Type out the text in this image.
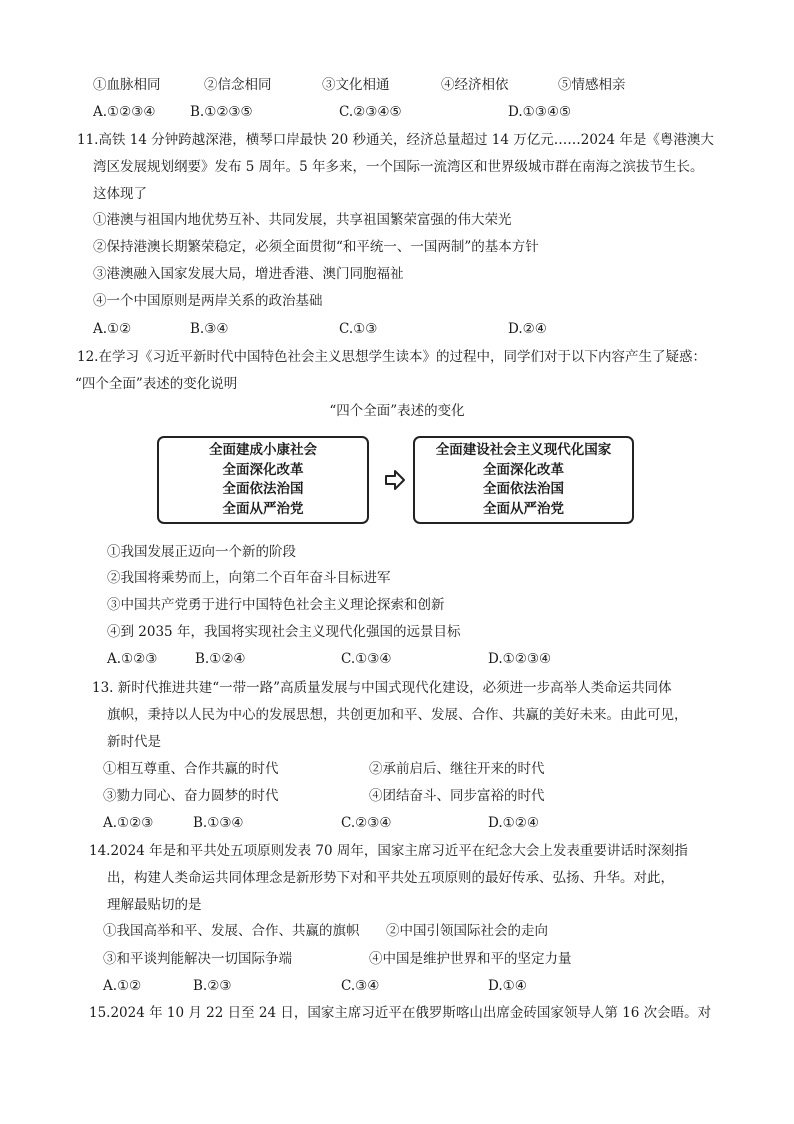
①血脉相同	②信念相同	③文化相通	④经济相依	⑤情感相亲
A.①②③④	B.①②③⑤	C.②③④⑤	D.①③④⑤
11.高铁 14 分钟跨越深港，横琴口岸最快 20 秒通关，经济总量超过 14 万亿元……2024 年是《粤港澳大
湾区发展规划纲要》发布 5 周年。5 年多来，一个国际一流湾区和世界级城市群在南海之滨拔节生长。
这体现了
①港澳与祖国内地优势互补、共同发展，共享祖国繁荣富强的伟大荣光
②保持港澳长期繁荣稳定，必须全面贯彻“和平统一、一国两制”的基本方针
③港澳融入国家发展大局，增进香港、澳门同胞福祉
④一个中国原则是两岸关系的政治基础
A.①②	B.③④	C.①③	D.②④
12.在学习《习近平新时代中国特色社会主义思想学生读本》的过程中，同学们对于以下内容产生了疑惑：
“四个全面”表述的变化说明
“四个全面”表述的变化
全面建成小康社会
全面深化改革
全面依法治国
全面从严治党
全面建设社会主义现代化国家
全面深化改革
全面依法治国
全面从严治党
①我国发展正迈向一个新的阶段
②我国将乘势而上，向第二个百年奋斗目标进军
③中国共产党勇于进行中国特色社会主义理论探索和创新
④到 2035 年，我国将实现社会主义现代化强国的远景目标
A.①②③	B.①②④	C.①③④	D.①②③④
13. 新时代推进共建“一带一路”高质量发展与中国式现代化建设，必须进一步高举人类命运共同体
旗帜，秉持以人民为中心的发展思想，共创更加和平、发展、合作、共赢的美好未来。由此可见，
新时代是
①相互尊重、合作共赢的时代	②承前启后、继往开来的时代
③勠力同心、奋力圆梦的时代	④团结奋斗、同步富裕的时代
A.①②③	B.①③④	C.②③④	D.①②④
14.2024 年是和平共处五项原则发表 70 周年，国家主席习近平在纪念大会上发表重要讲话时深刻指
出，构建人类命运共同体理念是新形势下对和平共处五项原则的最好传承、弘扬、升华。对此，
理解最贴切的是
①我国高举和平、发展、合作、共赢的旗帜 ②中国引领国际社会的走向
③和平谈判能解决一切国际争端	④中国是维护世界和平的坚定力量
A.①②	B.②③	C.③④	D.①④
15.2024 年 10 月 22 日至 24 日，国家主席习近平在俄罗斯喀山出席金砖国家领导人第 16 次会晤。对
